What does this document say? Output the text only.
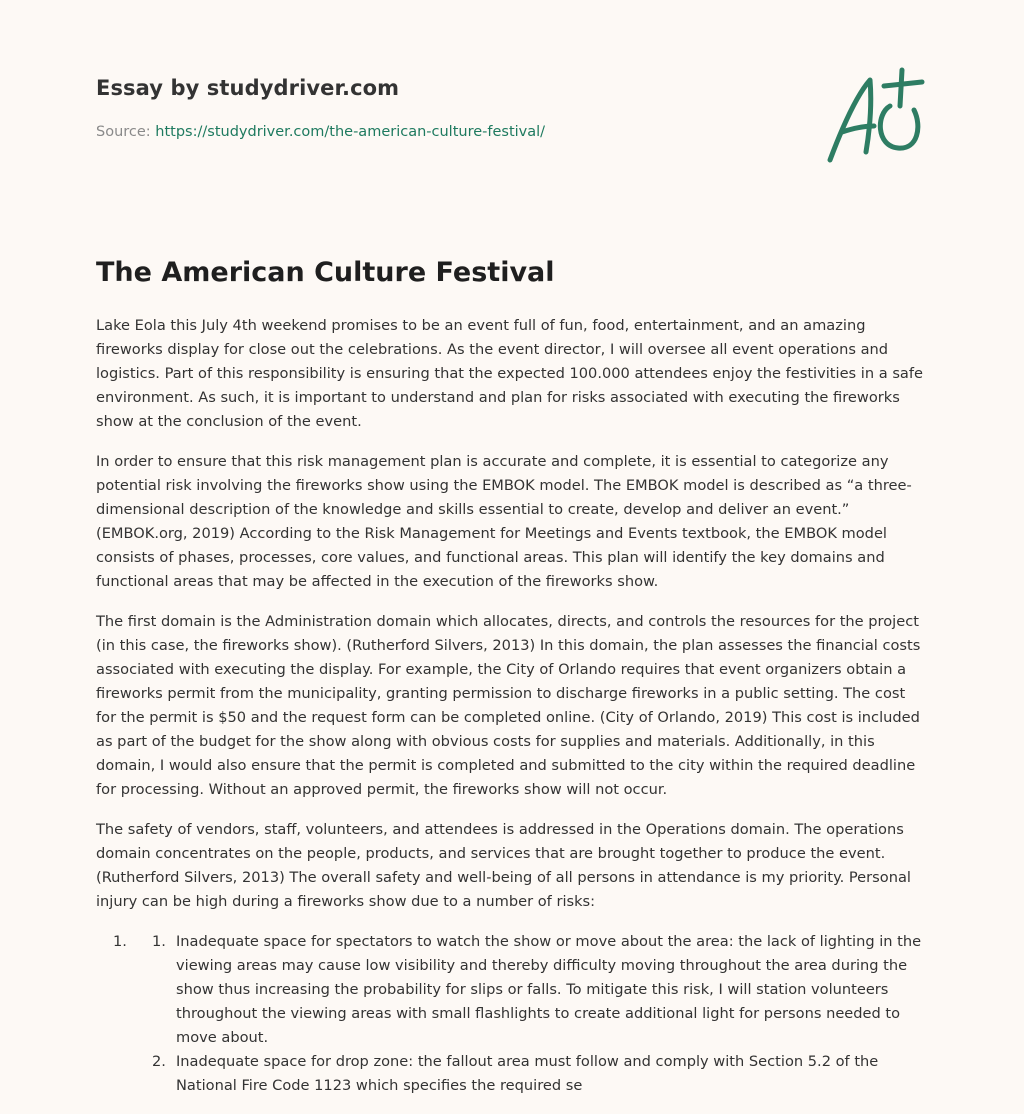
Essay by studydriver.com
Source: https://studydriver.com/the-american-culture-festival/
The American Culture Festival

Lake Eola this July 4th weekend promises to be an event full of fun, food, entertainment, and an amazing fireworks display for close out the celebrations. As the event director, I will oversee all event operations and logistics. Part of this responsibility is ensuring that the expected 100.000 attendees enjoy the festivities in a safe environment. As such, it is important to understand and plan for risks associated with executing the fireworks show at the conclusion of the event.

In order to ensure that this risk management plan is accurate and complete, it is essential to categorize any potential risk involving the fireworks show using the EMBOK model. The EMBOK model is described as “a three-dimensional description of the knowledge and skills essential to create, develop and deliver an event.” (EMBOK.org, 2019) According to the Risk Management for Meetings and Events textbook, the EMBOK model consists of phases, processes, core values, and functional areas. This plan will identify the key domains and functional areas that may be affected in the execution of the fireworks show.

The first domain is the Administration domain which allocates, directs, and controls the resources for the project (in this case, the fireworks show). (Rutherford Silvers, 2013) In this domain, the plan assesses the financial costs associated with executing the display. For example, the City of Orlando requires that event organizers obtain a fireworks permit from the municipality, granting permission to discharge fireworks in a public setting. The cost for the permit is $50 and the request form can be completed online. (City of Orlando, 2019) This cost is included as part of the budget for the show along with obvious costs for supplies and materials. Additionally, in this domain, I would also ensure that the permit is completed and submitted to the city within the required deadline for processing. Without an approved permit, the fireworks show will not occur.

The safety of vendors, staff, volunteers, and attendees is addressed in the Operations domain. The operations domain concentrates on the people, products, and services that are brought together to produce the event. (Rutherford Silvers, 2013) The overall safety and well-being of all persons in attendance is my priority. Personal injury can be high during a fireworks show due to a number of risks:

1. 1. Inadequate space for spectators to watch the show or move about the area: the lack of lighting in the viewing areas may cause low visibility and thereby difficulty moving throughout the area during the show thus increasing the probability for slips or falls. To mitigate this risk, I will station volunteers throughout the viewing areas with small flashlights to create additional light for persons needed to move about.
2. Inadequate space for drop zone: the fallout area must follow and comply with Section 5.2 of the National Fire Code 1123 which specifies the required se
